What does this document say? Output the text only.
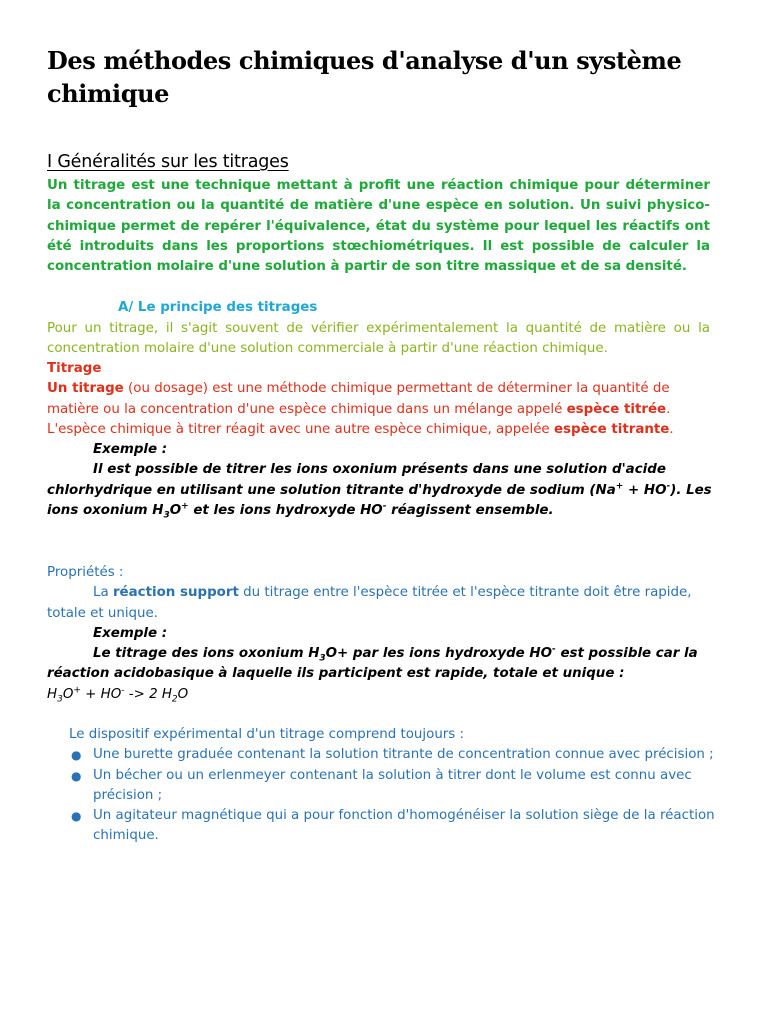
Des méthodes chimiques d'analyse d'un système chimique
I Généralités sur les titrages

Un titrage est une technique mettant à profit une réaction chimique pour déterminer la concentration ou la quantité de matière d'une espèce en solution. Un suivi physico-chimique permet de repérer l'équivalence, état du système pour lequel les réactifs ont été introduits dans les proportions stœchiométriques. Il est possible de calculer la concentration molaire d'une solution à partir de son titre massique et de sa densité.

A/ Le principe des titrages

Pour un titrage, il s'agit souvent de vérifier expérimentalement la quantité de matière ou la concentration molaire d'une solution commerciale à partir d'une réaction chimique.

Titrage
Un titrage (ou dosage) est une méthode chimique permettant de déterminer la quantité de matière ou la concentration d'une espèce chimique dans un mélange appelé espèce titrée. L'espèce chimique à titrer réagit avec une autre espèce chimique, appelée espèce titrante.
Exemple :
Il est possible de titrer les ions oxonium présents dans une solution d'acide chlorhydrique en utilisant une solution titrante d'hydroxyde de sodium (Na+ + HO-). Les ions oxonium $H_3O^+$ et les ions hydroxyde HO- réagissent ensemble.
Propriétés :
La réaction support du titrage entre l'espèce titrée et l'espèce titrante doit être rapide, totale et unique.
Exemple :
Le titrage des ions oxonium $H_3O+$ par les ions hydroxyde HO- est possible car la réaction acidobasique à laquelle ils participent est rapide, totale et unique :
$H_3O^+ + HO^- -> 2$ $H_2O$
Le dispositif expérimental d'un titrage comprend toujours :
● Une burette graduée contenant la solution titrante de concentration connue avec précision ;
● Un bécher ou un erlenmeyer contenant la solution à titrer dont le volume est connu avec précision ;
● Un agitateur magnétique qui a pour fonction d'homogénéiser la solution siège de la réaction chimique.
